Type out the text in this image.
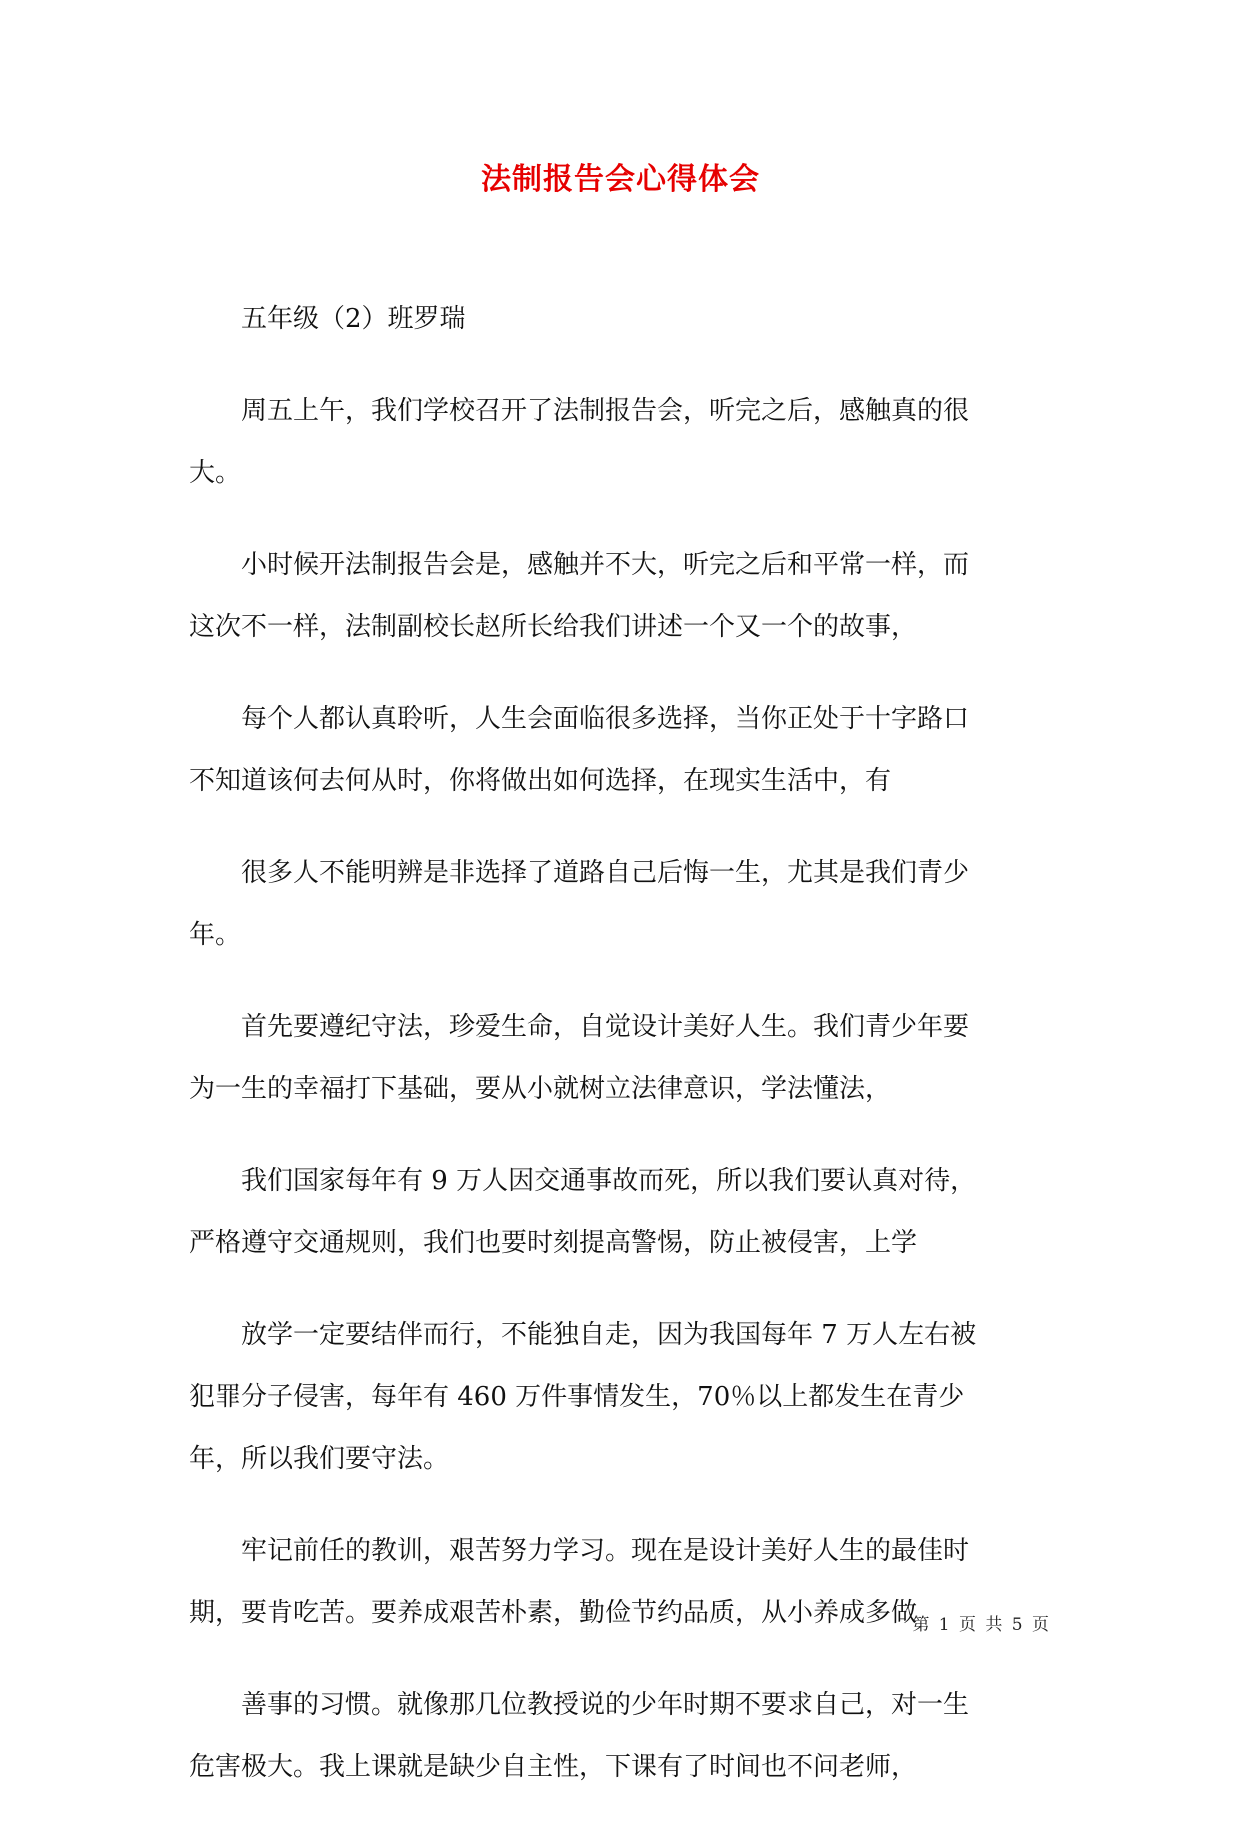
法制报告会心得体会

五年级（2）班罗瑞

周五上午，我们学校召开了法制报告会，听完之后，感触真的很
大。

小时候开法制报告会是，感触并不大，听完之后和平常一样，而
这次不一样，法制副校长赵所长给我们讲述一个又一个的故事，

每个人都认真聆听，人生会面临很多选择，当你正处于十字路口
不知道该何去何从时，你将做出如何选择，在现实生活中，有

很多人不能明辨是非选择了道路自己后悔一生，尤其是我们青少
年。

首先要遵纪守法，珍爱生命，自觉设计美好人生。我们青少年要
为一生的幸福打下基础，要从小就树立法律意识，学法懂法，

我们国家每年有 9 万人因交通事故而死，所以我们要认真对待，
严格遵守交通规则，我们也要时刻提高警惕，防止被侵害，上学

放学一定要结伴而行，不能独自走，因为我国每年 7 万人左右被
犯罪分子侵害，每年有 460 万件事情发生，70％以上都发生在青少
年，所以我们要守法。

牢记前任的教训，艰苦努力学习。现在是设计美好人生的最佳时
期，要肯吃苦。要养成艰苦朴素，勤俭节约品质，从小养成多做

善事的习惯。就像那几位教授说的少年时期不要求自己，对一生
危害极大。我上课就是缺少自主性，下课有了时间也不问老师，

第 1 页 共 5 页
